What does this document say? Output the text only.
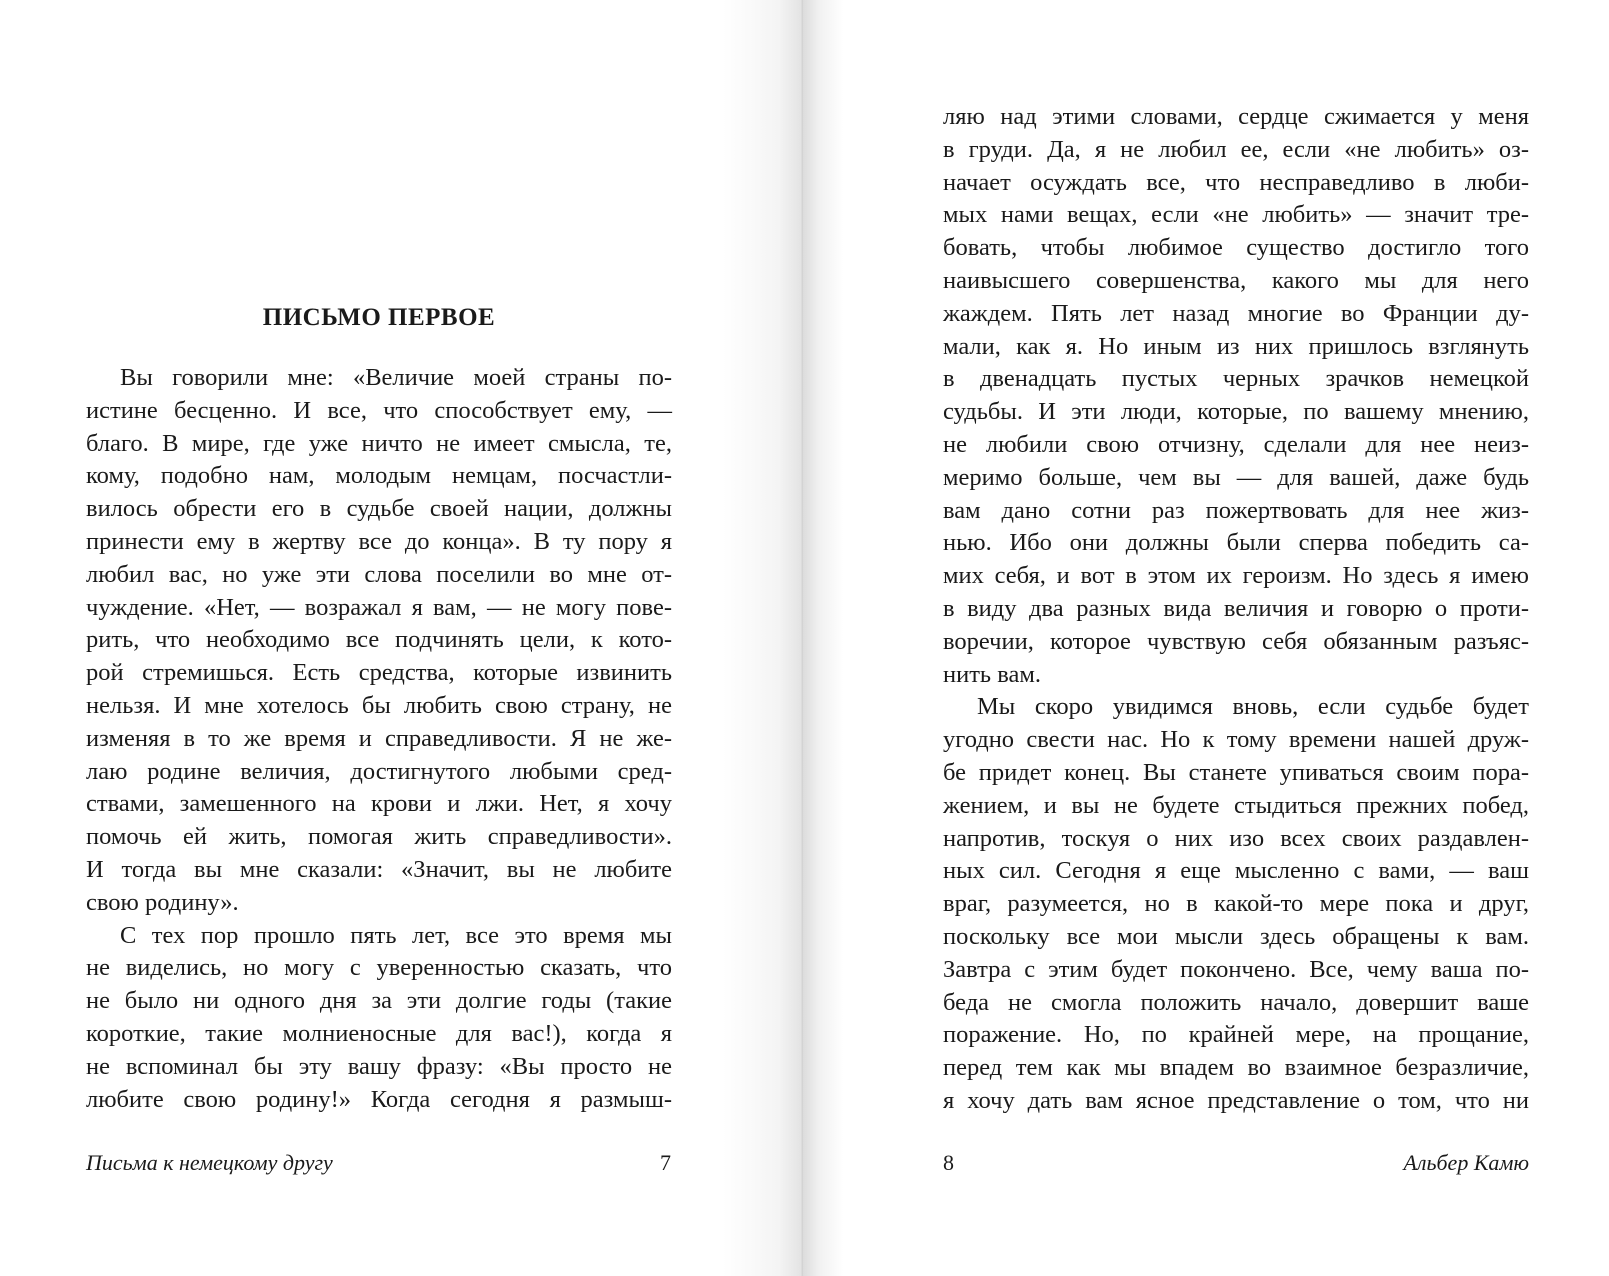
ПИСЬМО ПЕРВОЕ
Вы говорили мне: «Величие моей страны по-
истине бесценно. И все, что способствует ему, —
благо. В мире, где уже ничто не имеет смысла, те,
кому, подобно нам, молодым немцам, посчастли-
вилось обрести его в судьбе своей нации, должны
принести ему в жертву все до конца». В ту пору я
любил вас, но уже эти слова поселили во мне от-
чуждение. «Нет, — возражал я вам, — не могу пове-
рить, что необходимо все подчинять цели, к кото-
рой стремишься. Есть средства, которые извинить
нельзя. И мне хотелось бы любить свою страну, не
изменяя в то же время и справедливости. Я не же-
лаю родине величия, достигнутого любыми сред-
ствами, замешенного на крови и лжи. Нет, я хочу
помочь ей жить, помогая жить справедливости».
И тогда вы мне сказали: «Значит, вы не любите
свою родину».
С тех пор прошло пять лет, все это время мы
не виделись, но могу с уверенностью сказать, что
не было ни одного дня за эти долгие годы (такие
короткие, такие молниеносные для вас!), когда я
не вспоминал бы эту вашу фразу: «Вы просто не
любите свою родину!» Когда сегодня я размыш-
Письма к немецкому другу	7
ляю над этими словами, сердце сжимается у меня
в груди. Да, я не любил ее, если «не любить» оз-
начает осуждать все, что несправедливо в люби-
мых нами вещах, если «не любить» — значит тре-
бовать, чтобы любимое существо достигло того
наивысшего совершенства, какого мы для него
жаждем. Пять лет назад многие во Франции ду-
мали, как я. Но иным из них пришлось взглянуть
в двенадцать пустых черных зрачков немецкой
судьбы. И эти люди, которые, по вашему мнению,
не любили свою отчизну, сделали для нее неиз-
меримо больше, чем вы — для вашей, даже будь
вам дано сотни раз пожертвовать для нее жиз-
нью. Ибо они должны были сперва победить са-
мих себя, и вот в этом их героизм. Но здесь я имею
в виду два разных вида величия и говорю о проти-
воречии, которое чувствую себя обязанным разъяс-
нить вам.
Мы скоро увидимся вновь, если судьбе будет
угодно свести нас. Но к тому времени нашей друж-
бе придет конец. Вы станете упиваться своим пора-
жением, и вы не будете стыдиться прежних побед,
напротив, тоскуя о них изо всех своих раздавлен-
ных сил. Сегодня я еще мысленно с вами, — ваш
враг, разумеется, но в какой-то мере пока и друг,
поскольку все мои мысли здесь обращены к вам.
Завтра с этим будет покончено. Все, чему ваша по-
беда не смогла положить начало, довершит ваше
поражение. Но, по крайней мере, на прощание,
перед тем как мы впадем во взаимное безразличие,
я хочу дать вам ясное представление о том, что ни
8	Альбер Камю
